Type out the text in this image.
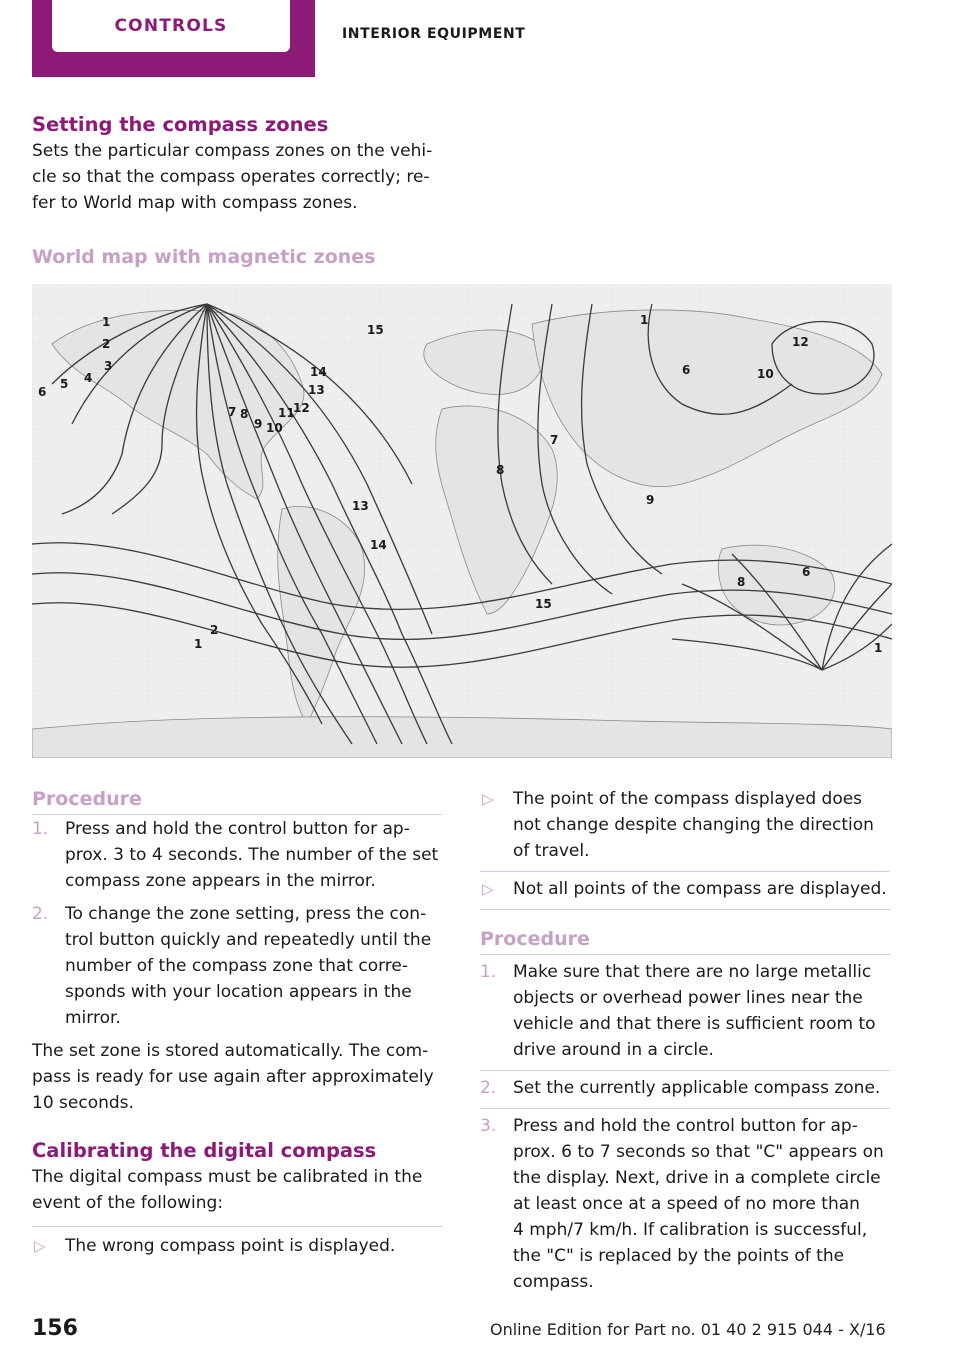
CONTROLS	INTERIOR EQUIPMENT
Setting the compass zones

Sets the particular compass zones on the vehi‐

cle so that the compass operates correctly; re‐

fer to World map with compass zones.

World map with magnetic zones
1
2
3
4
5
6
7 8
9 10
11
12
13
14
15
12
1
6	10
7
8
9
13
14
15
8
6
1
1
2
Procedure
1. Press and hold the control button for ap‐
prox. 3 to 4 seconds. The number of the set
compass zone appears in the mirror.
2. To change the zone setting, press the con‐
trol button quickly and repeatedly until the
number of the compass zone that corre‐
sponds with your location appears in the
mirror.

The set zone is stored automatically. The com‐

pass is ready for use again after approximately

10 seconds.

Calibrating the digital compass

The digital compass must be calibrated in the

event of the following:

▷ The wrong compass point is displayed.
▷ The point of the compass displayed does
not change despite changing the direction
of travel.
▷ Not all points of the compass are displayed.
Procedure
1. Make sure that there are no large metallic
objects or overhead power lines near the
vehicle and that there is sufficient room to
drive around in a circle.
2. Set the currently applicable compass zone.
3. Press and hold the control button for ap‐
prox. 6 to 7 seconds so that "C" appears on
the display. Next, drive in a complete circle
at least once at a speed of no more than
4 mph/7 km/h. If calibration is successful,
the "C" is replaced by the points of the
compass.
156	Online Edition for Part no. 01 40 2 915 044 - X/16
